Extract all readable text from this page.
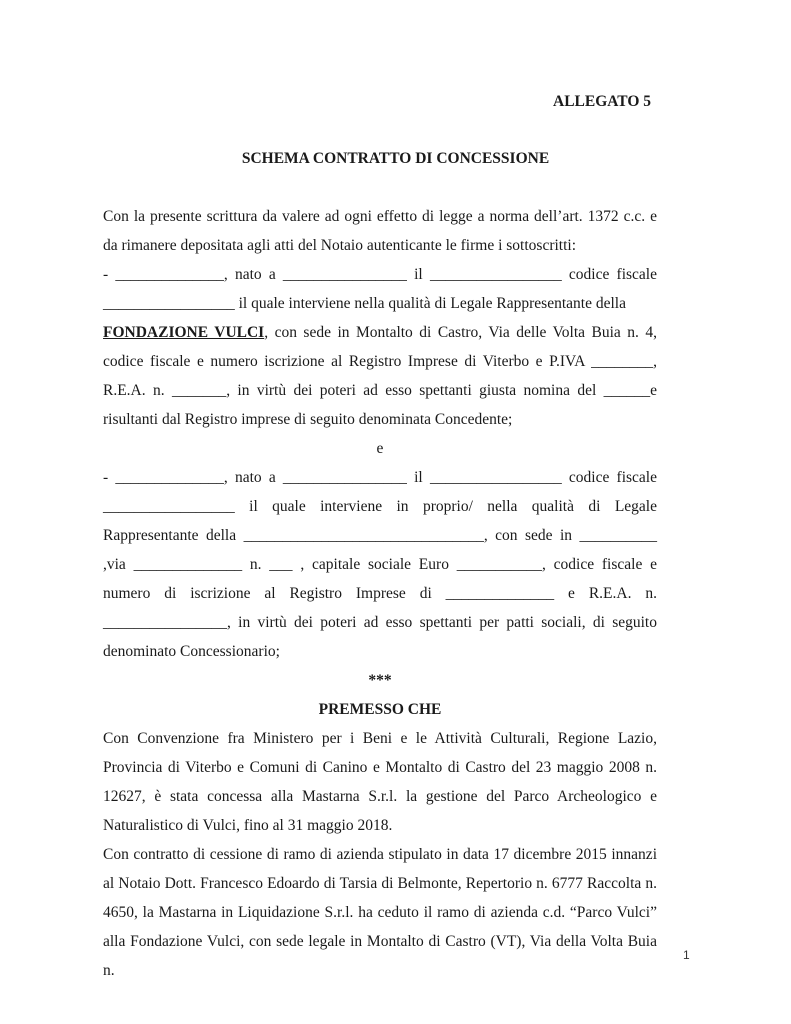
ALLEGATO 5
SCHEMA CONTRATTO DI CONCESSIONE

Con la presente scrittura da valere ad ogni effetto di legge a norma dell’art. 1372 c.c. e da rimanere depositata agli atti del Notaio autenticante le firme i sottoscritti:

- ______________, nato a ________________ il _________________ codice fiscale _________________ il quale interviene nella qualità di Legale Rappresentante della
FONDAZIONE VULCI, con sede in Montalto di Castro, Via delle Volta Buia n. 4, codice fiscale e numero iscrizione al Registro Imprese di Viterbo e P.IVA ________, R.E.A. n. _______, in virtù dei poteri ad esso spettanti giusta nomina del ______e risultanti dal Registro imprese di seguito denominata Concedente;

e

- ______________, nato a ________________ il _________________ codice fiscale _________________ il quale interviene in proprio/ nella qualità di Legale Rappresentante della _______________________________, con sede in __________ ,via ______________ n. ___ , capitale sociale Euro ___________, codice fiscale e numero di iscrizione al Registro Imprese di ______________ e R.E.A. n. ________________, in virtù dei poteri ad esso spettanti per patti sociali, di seguito denominato Concessionario;

***

PREMESSO CHE

Con Convenzione fra Ministero per i Beni e le Attività Culturali, Regione Lazio, Provincia di Viterbo e Comuni di Canino e Montalto di Castro del 23 maggio 2008 n. 12627, è stata concessa alla Mastarna S.r.l. la gestione del Parco Archeologico e Naturalistico di Vulci, fino al 31 maggio 2018.

Con contratto di cessione di ramo di azienda stipulato in data 17 dicembre 2015 innanzi al Notaio Dott. Francesco Edoardo di Tarsia di Belmonte, Repertorio n. 6777 Raccolta n. 4650, la Mastarna in Liquidazione S.r.l. ha ceduto il ramo di azienda c.d. “Parco Vulci” alla Fondazione Vulci, con sede legale in Montalto di Castro (VT), Via della Volta Buia n.

1
